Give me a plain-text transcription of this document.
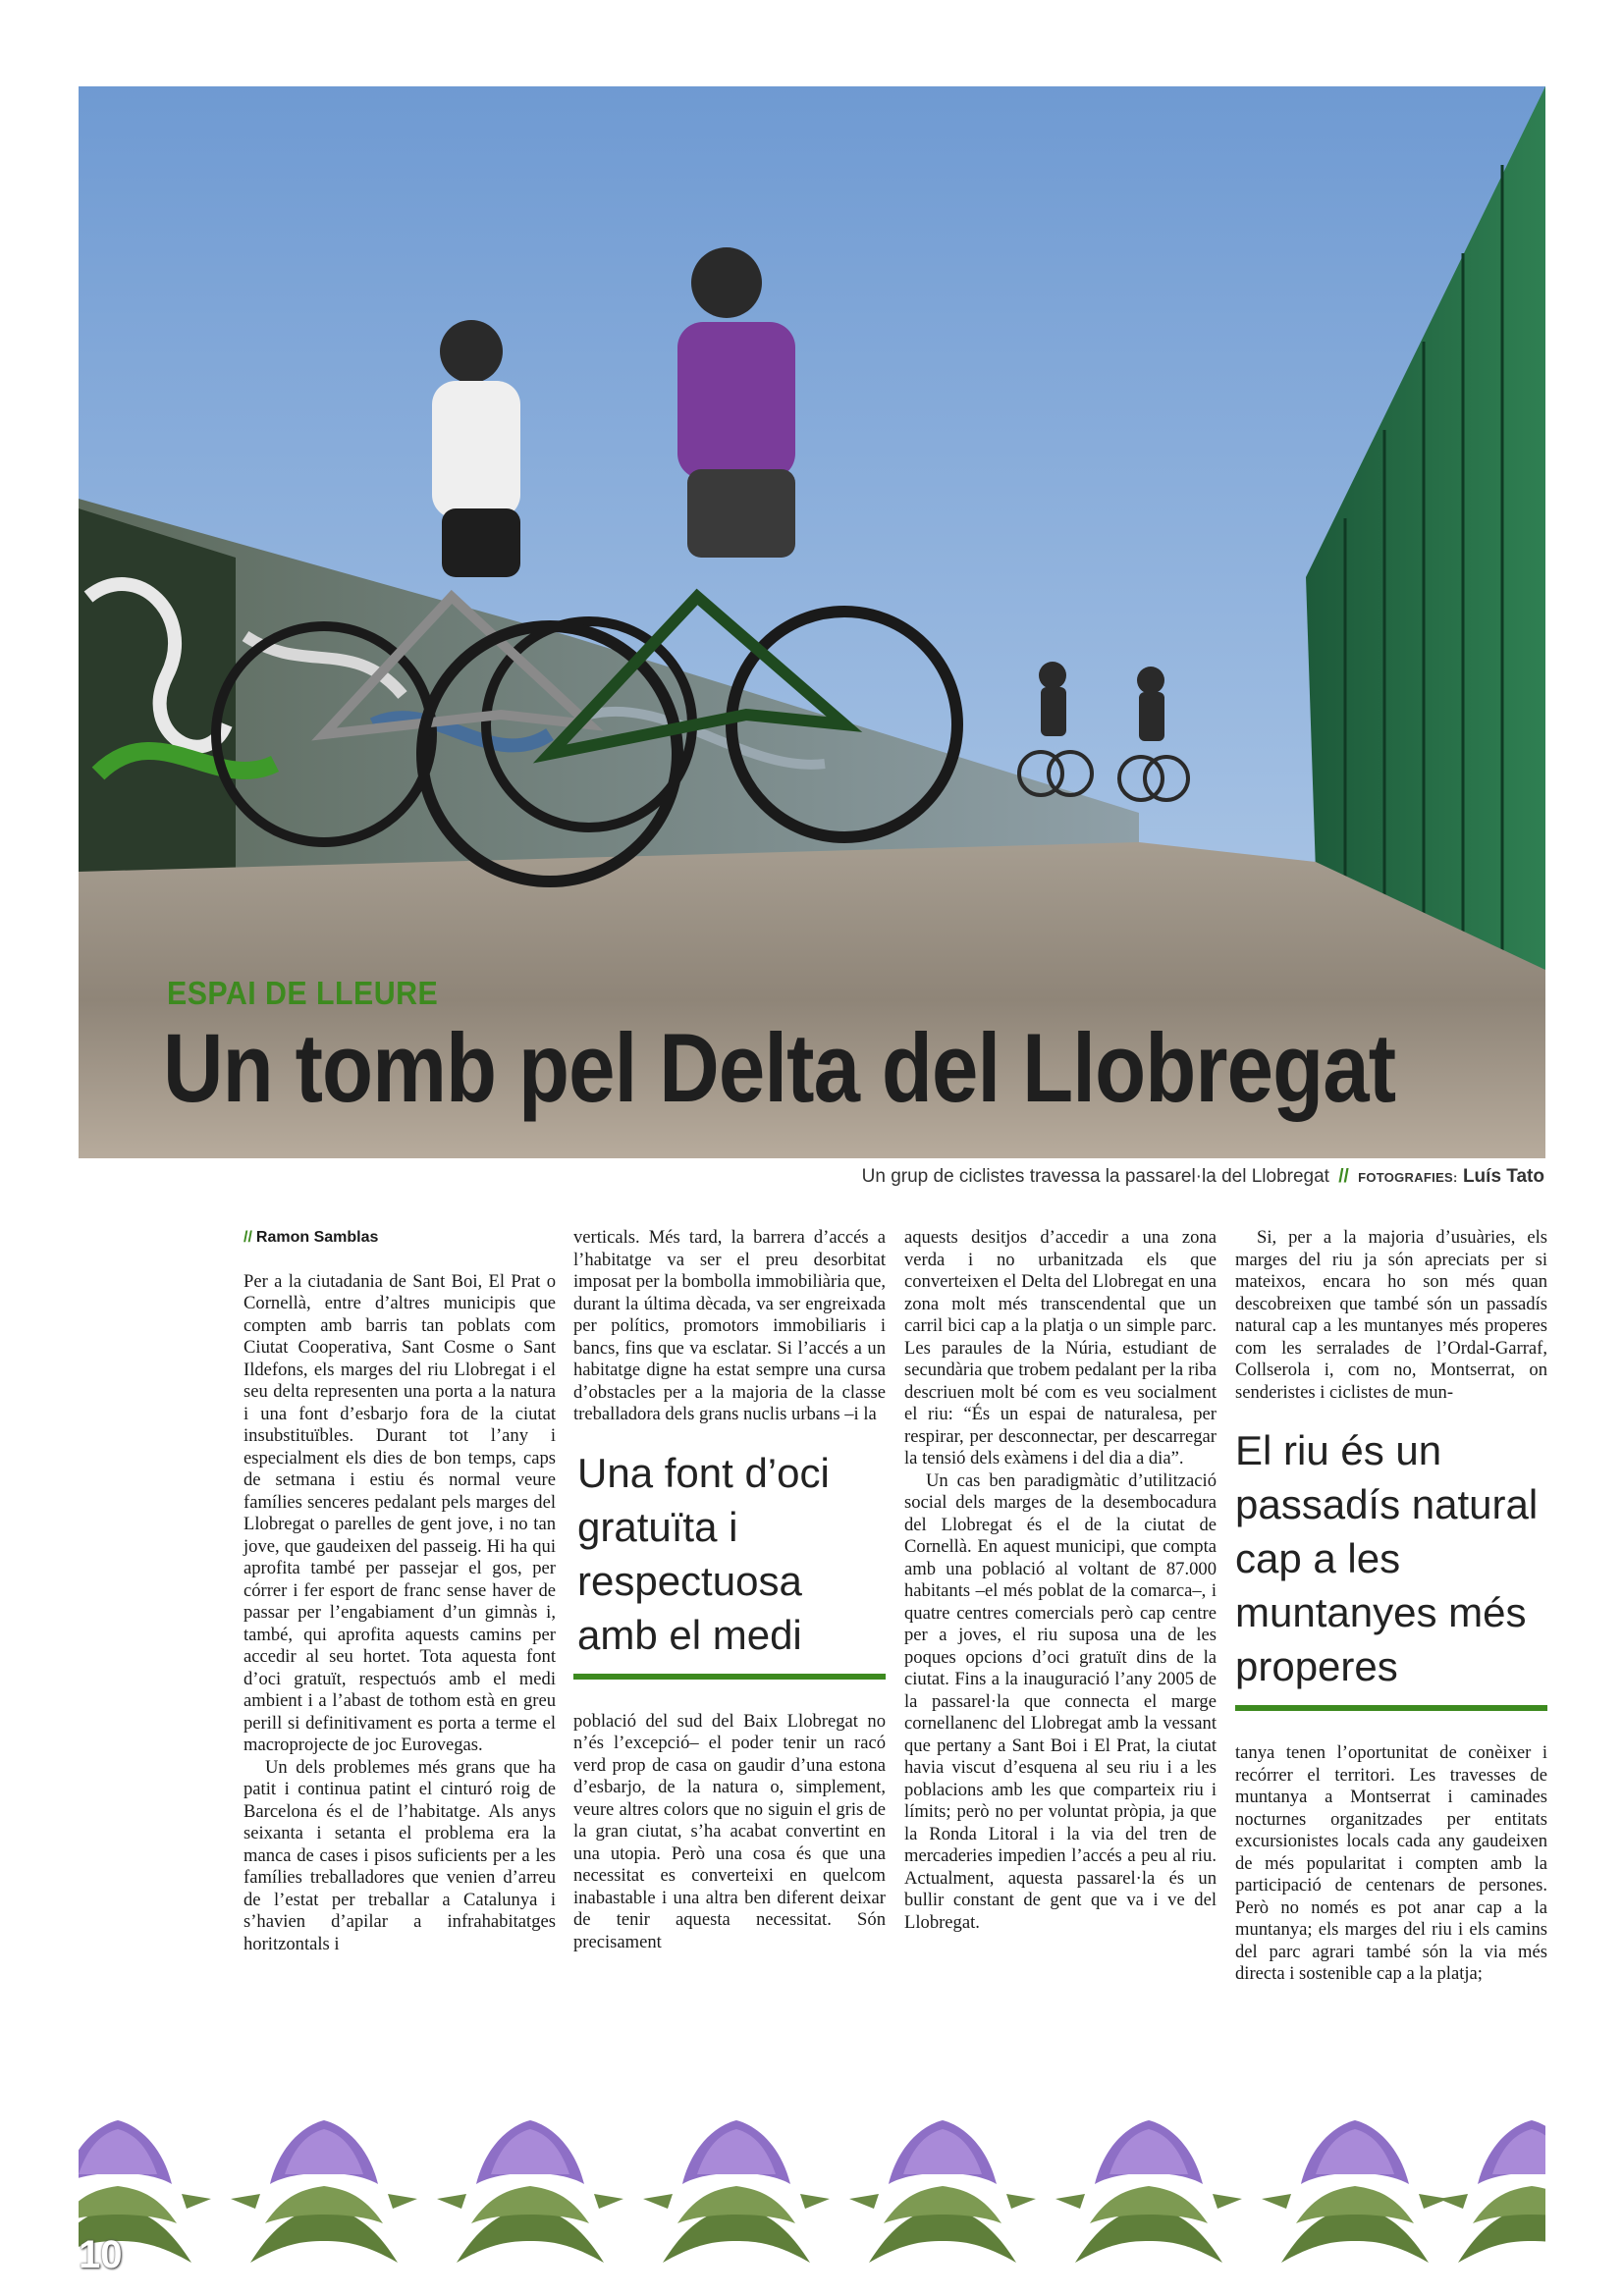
ESPAI DE LLEURE
Un tomb pel Delta del Llobregat
Un grup de ciclistes travessa la passarel·la del Llobregat // FOTOGRAFIES: Luís Tato
// Ramon Samblas

Per a la ciutadania de Sant Boi, El Prat o Cornellà, entre d’altres municipis que compten amb barris tan poblats com Ciutat Cooperativa, Sant Cosme o Sant Ildefons, els marges del riu Llobregat i el seu delta representen una porta a la natura i una font d’esbarjo fora de la ciutat insubstituïbles. Durant tot l’any i especialment els dies de bon temps, caps de setmana i estiu és normal veure famílies senceres pedalant pels marges del Llobregat o parelles de gent jove, i no tan jove, que gaudeixen del passeig. Hi ha qui aprofita també per passejar el gos, per córrer i fer esport de franc sense haver de passar per l’engabiament d’un gimnàs i, també, qui aprofita aquests camins per accedir al seu hortet. Tota aquesta font d’oci gratuït, respectuós amb el medi ambient i a l’abast de tothom està en greu perill si definitivament es porta a terme el macroprojecte de joc Eurovegas.

Un dels problemes més grans que ha patit i continua patint el cinturó roig de Barcelona és el de l’habitatge. Als anys seixanta i setanta el problema era la manca de cases i pisos suficients per a les famílies treballadores que venien d’arreu de l’estat per treballar a Catalunya i s’havien d’apilar a infrahabitatges horitzontals i

verticals. Més tard, la barrera d’accés a l’habitatge va ser el preu desorbitat imposat per la bombolla immobiliària que, durant la última dècada, va ser engreixada per polítics, promotors immobiliaris i bancs, fins que va esclatar. Si l’accés a un habitatge digne ha estat sempre una cursa d’obstacles per a la majoria de la classe treballadora dels grans nuclis urbans –i la

Una font d’oci gratuïta i respectuosa amb el medi

població del sud del Baix Llobregat no n’és l’excepció– el poder tenir un racó verd prop de casa on gaudir d’una estona d’esbarjo, de la natura o, simplement, veure altres colors que no siguin el gris de la gran ciutat, s’ha acabat convertint en una utopia. Però una cosa és que una necessitat es converteixi en quelcom inabastable i una altra ben diferent deixar de tenir aquesta necessitat. Són precisament

aquests desitjos d’accedir a una zona verda i no urbanitzada els que converteixen el Delta del Llobregat en una zona molt més transcendental que un carril bici cap a la platja o un simple parc. Les paraules de la Núria, estudiant de secundària que trobem pedalant per la riba descriuen molt bé com es veu socialment el riu: “És un espai de naturalesa, per respirar, per desconnectar, per descarregar la tensió dels exàmens i del dia a dia”.

Un cas ben paradigmàtic d’utilització social dels marges de la desembocadura del Llobregat és el de la ciutat de Cornellà. En aquest municipi, que compta amb una població al voltant de 87.000 habitants –el més poblat de la comarca–, i quatre centres comercials però cap centre per a joves, el riu suposa una de les poques opcions d’oci gratuït dins de la ciutat. Fins a la inauguració l’any 2005 de la passarel·la que connecta el marge cornellanenc del Llobregat amb la vessant que pertany a Sant Boi i El Prat, la ciutat havia viscut d’esquena al seu riu i a les poblacions amb les que comparteix riu i límits; però no per voluntat pròpia, ja que la Ronda Litoral i la via del tren de mercaderies impedien l’accés a peu al riu. Actualment, aquesta passarel·la és un bullir constant de gent que va i ve del Llobregat.

Si, per a la majoria d’usuàries, els marges del riu ja són apreciats per si mateixos, encara ho son més quan descobreixen que també són un passadís natural cap a les muntanyes més properes com les serralades de l’Ordal-Garraf, Collserola i, com no, Montserrat, on senderistes i ciclistes de mun-

El riu és un passadís natural cap a les muntanyes més properes

tanya tenen l’oportunitat de conèixer i recórrer el territori. Les travesses de muntanya a Montserrat i caminades nocturnes organitzades per entitats excursionistes locals cada any gaudeixen de més popularitat i compten amb la participació de centenars de persones. Però no només es pot anar cap a la muntanya; els marges del riu i els camins del parc agrari també són la via més directa i sostenible cap a la platja;

10
